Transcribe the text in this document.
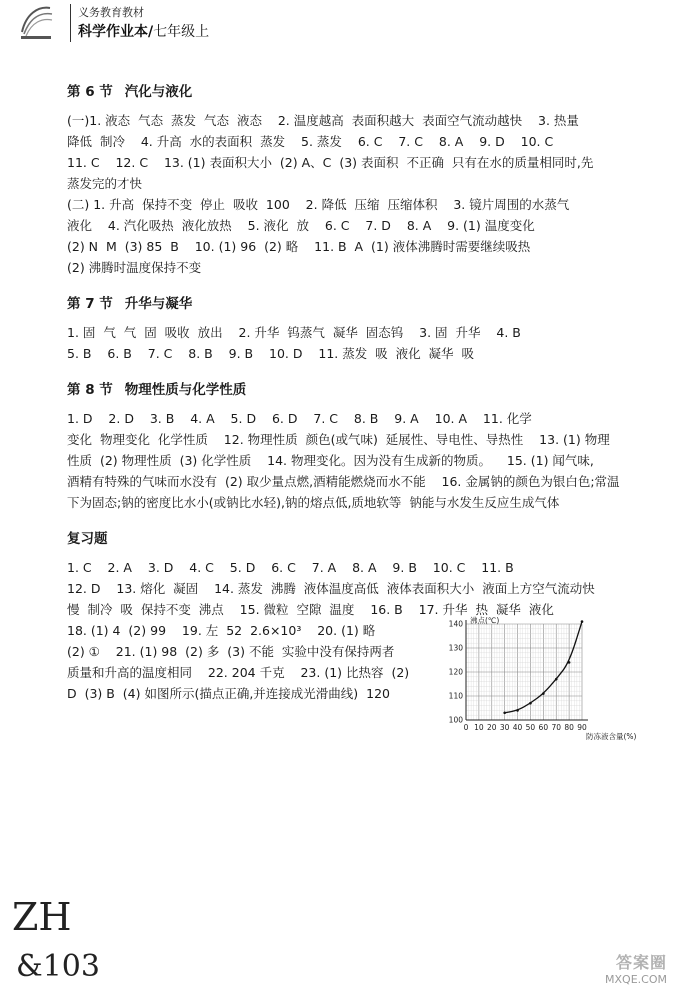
义务教育教材
科学作业本/七年级上
第 6 节 汽化与液化
(一)1. 液态  气态  蒸发  气态  液态    2. 温度越高  表面积越大  表面空气流动越快    3. 热量
降低  制冷    4. 升高  水的表面积  蒸发    5. 蒸发    6. C    7. C    8. A    9. D    10. C
11. C    12. C    13. (1) 表面积大小  (2) A、C  (3) 表面积  不正确  只有在水的质量相同时,先
蒸发完的才快
(二) 1. 升高  保持不变  停止  吸收  100    2. 降低  压缩  压缩体积    3. 镜片周围的水蒸气
液化    4. 汽化吸热  液化放热    5. 液化  放    6. C    7. D    8. A    9. (1) 温度变化
(2) N  M  (3) 85  B    10. (1) 96  (2) 略    11. B  A  (1) 液体沸腾时需要继续吸热
(2) 沸腾时温度保持不变
第 7 节 升华与凝华
1. 固  气  气  固  吸收  放出    2. 升华  钨蒸气  凝华  固态钨    3. 固  升华    4. B
5. B    6. B    7. C    8. B    9. B    10. D    11. 蒸发  吸  液化  凝华  吸
第 8 节 物理性质与化学性质
1. D    2. D    3. B    4. A    5. D    6. D    7. C    8. B    9. A    10. A    11. 化学
变化  物理变化  化学性质    12. 物理性质  颜色(或气味)  延展性、导电性、导热性    13. (1) 物理
性质  (2) 物理性质  (3) 化学性质    14. 物理变化。因为没有生成新的物质。    15. (1) 闻气味,
酒精有特殊的气味而水没有  (2) 取少量点燃,酒精能燃烧而水不能    16. 金属钠的颜色为银白色;常温
下为固态;钠的密度比水小(或钠比水轻),钠的熔点低,质地软等  钠能与水发生反应生成气体
复习题
1. C    2. A    3. D    4. C    5. D    6. C    7. A    8. A    9. B    10. C    11. B
12. D    13. 熔化  凝固    14. 蒸发  沸腾  液体温度高低  液体表面积大小  液面上方空气流动快
慢  制冷  吸  保持不变  沸点    15. 微粒  空隙  温度    16. B    17. 升华  热  凝华  液化
18. (1) 4  (2) 99    19. 左  52  2.6×10³    20. (1) 略
(2) ①    21. (1) 98  (2) 多  (3) 不能  实验中没有保持两者
质量和升高的温度相同    22. 204 千克    23. (1) 比热容  (2)
D  (3) B  (4) 如图所示(描点正确,并连接成光滑曲线)  120
0 10 20 30 40 50 60 70 80 90
100
110
120
130
140 沸点(℃)
防冻液含量(%)
ZH
&103	答案圈
MXQE.COM
